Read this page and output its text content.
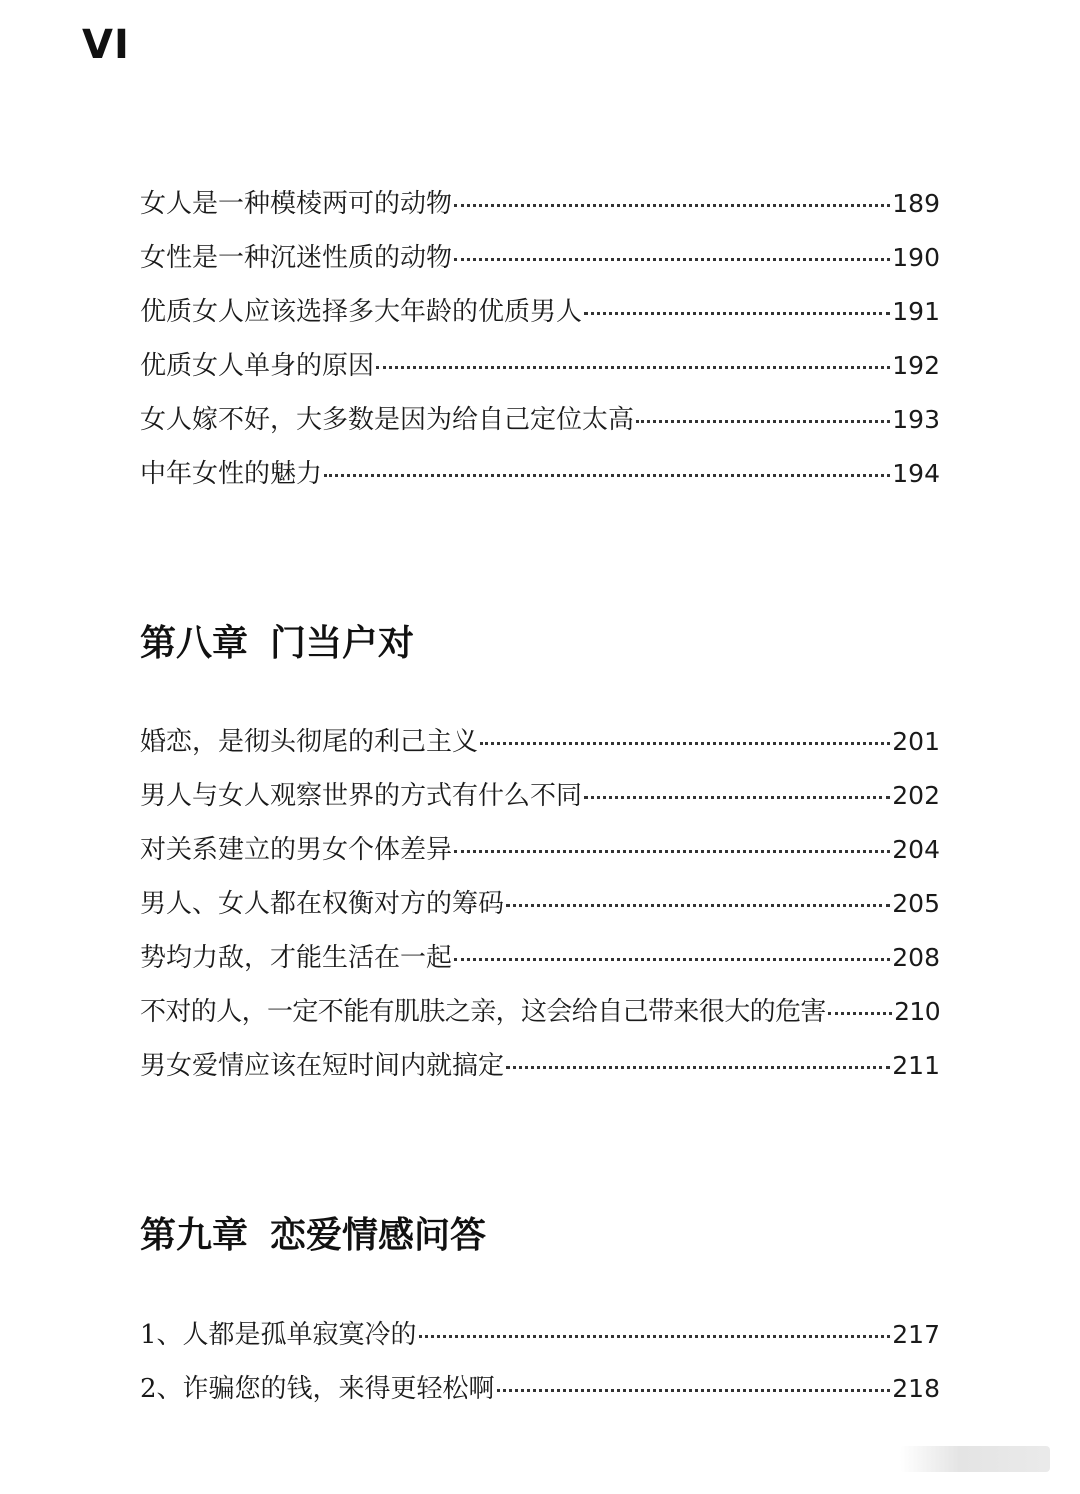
VI
女人是一种模棱两可的动物	189
女性是一种沉迷性质的动物	190
优质女人应该选择多大年龄的优质男人	191
优质女人单身的原因	192
女人嫁不好，大多数是因为给自己定位太高	193
中年女性的魅力	194
第八章 门当户对
婚恋，是彻头彻尾的利己主义	201
男人与女人观察世界的方式有什么不同	202
对关系建立的男女个体差异	204
男人、女人都在权衡对方的筹码	205
势均力敌，才能生活在一起	208
不对的人，一定不能有肌肤之亲，这会给自己带来很大的危害	210
男女爱情应该在短时间内就搞定	211
第九章 恋爱情感问答
1、人都是孤单寂寞冷的	217
2、诈骗您的钱，来得更轻松啊	218
